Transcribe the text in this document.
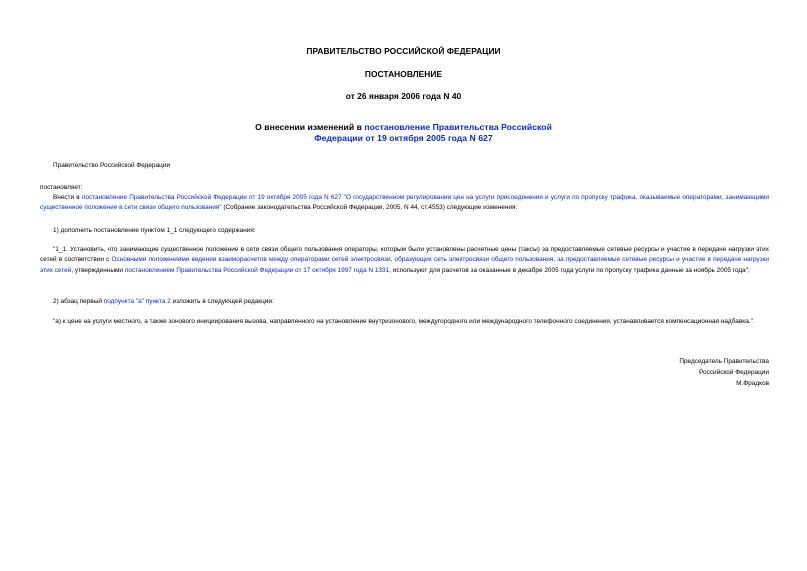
ПРАВИТЕЛЬСТВО РОССИЙСКОЙ ФЕДЕРАЦИИ
ПОСТАНОВЛЕНИЕ
от 26 января 2006 года N 40
О внесении изменений в постановление Правительства Российской
Федерации от 19 октября 2005 года N 627
Правительство Российской Федерации
постановляет:
Внести в постановление Правительства Российской Федерации от 19 октября 2005 года N 627 "О государственном регулировании цен на услуги присоединения и услуги по пропуску трафика, оказываемые операторами, занимающими существенное положение в сети связи общего пользования" (Собрание законодательства Российской Федерации, 2005, N 44, ст.4553) следующие изменения:
1) дополнить постановление пунктом 1_1 следующего содержания:
"1_1. Установить, что занимающие существенное положение в сети связи общего пользования операторы, которым были установлены расчетные цены (таксы) за предоставляемые сетевые ресурсы и участие в передаче нагрузки этих сетей в соответствии с Основными положениями ведения взаиморасчетов между операторами сетей электросвязи, образующих сеть электросвязи общего пользования, за предоставляемые сетевые ресурсы и участие в передаче нагрузки этих сетей, утвержденными постановлением Правительства Российской Федерации от 17 октября 1997 года N 1331, используют для расчетов за оказанные в декабре 2005 года услуги по пропуску трафика данные за ноябрь 2005 года";
2) абзац первый подпункта "а" пункта 2 изложить в следующей редакции:
"а) к цене на услуги местного, а также зонового инициирования вызова, направленного на установление внутризонового, междугородного или международного телефонного соединения, устанавливается компенсационная надбавка.".
Председатель Правительства
Российской Федерации
М.Фрадков
